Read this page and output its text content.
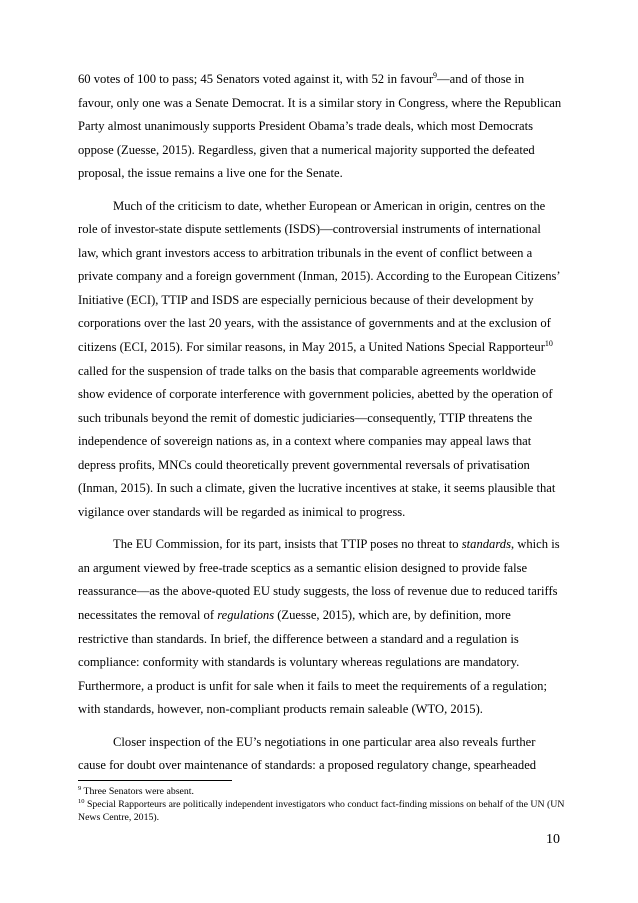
60 votes of 100 to pass; 45 Senators voted against it, with 52 in favour$^9$—and of those in favour, only one was a Senate Democrat. It is a similar story in Congress, where the Republican Party almost unanimously supports President Obama’s trade deals, which most Democrats oppose (Zuesse, 2015). Regardless, given that a numerical majority supported the defeated proposal, the issue remains a live one for the Senate.

Much of the criticism to date, whether European or American in origin, centres on the role of investor-state dispute settlements (ISDS)—controversial instruments of international law, which grant investors access to arbitration tribunals in the event of conflict between a private company and a foreign government (Inman, 2015). According to the European Citizens’ Initiative (ECI), TTIP and ISDS are especially pernicious because of their development by corporations over the last 20 years, with the assistance of governments and at the exclusion of citizens (ECI, 2015). For similar reasons, in May 2015, a United Nations Special Rapporteur$^{10}$ called for the suspension of trade talks on the basis that comparable agreements worldwide show evidence of corporate interference with government policies, abetted by the operation of such tribunals beyond the remit of domestic judiciaries—consequently, TTIP threatens the independence of sovereign nations as, in a context where companies may appeal laws that depress profits, MNCs could theoretically prevent governmental reversals of privatisation (Inman, 2015). In such a climate, given the lucrative incentives at stake, it seems plausible that vigilance over standards will be regarded as inimical to progress.

The EU Commission, for its part, insists that TTIP poses no threat to standards, which is an argument viewed by free-trade sceptics as a semantic elision designed to provide false reassurance—as the above-quoted EU study suggests, the loss of revenue due to reduced tariffs necessitates the removal of regulations (Zuesse, 2015), which are, by definition, more restrictive than standards. In brief, the difference between a standard and a regulation is compliance: conformity with standards is voluntary whereas regulations are mandatory. Furthermore, a product is unfit for sale when it fails to meet the requirements of a regulation; with standards, however, non-compliant products remain saleable (WTO, 2015).

Closer inspection of the EU’s negotiations in one particular area also reveals further cause for doubt over maintenance of standards: a proposed regulatory change, spearheaded

$^9$ Three Senators were absent.
$^{10}$ Special Rapporteurs are politically independent investigators who conduct fact-finding missions on behalf of the UN (UN News Centre, 2015).
10
